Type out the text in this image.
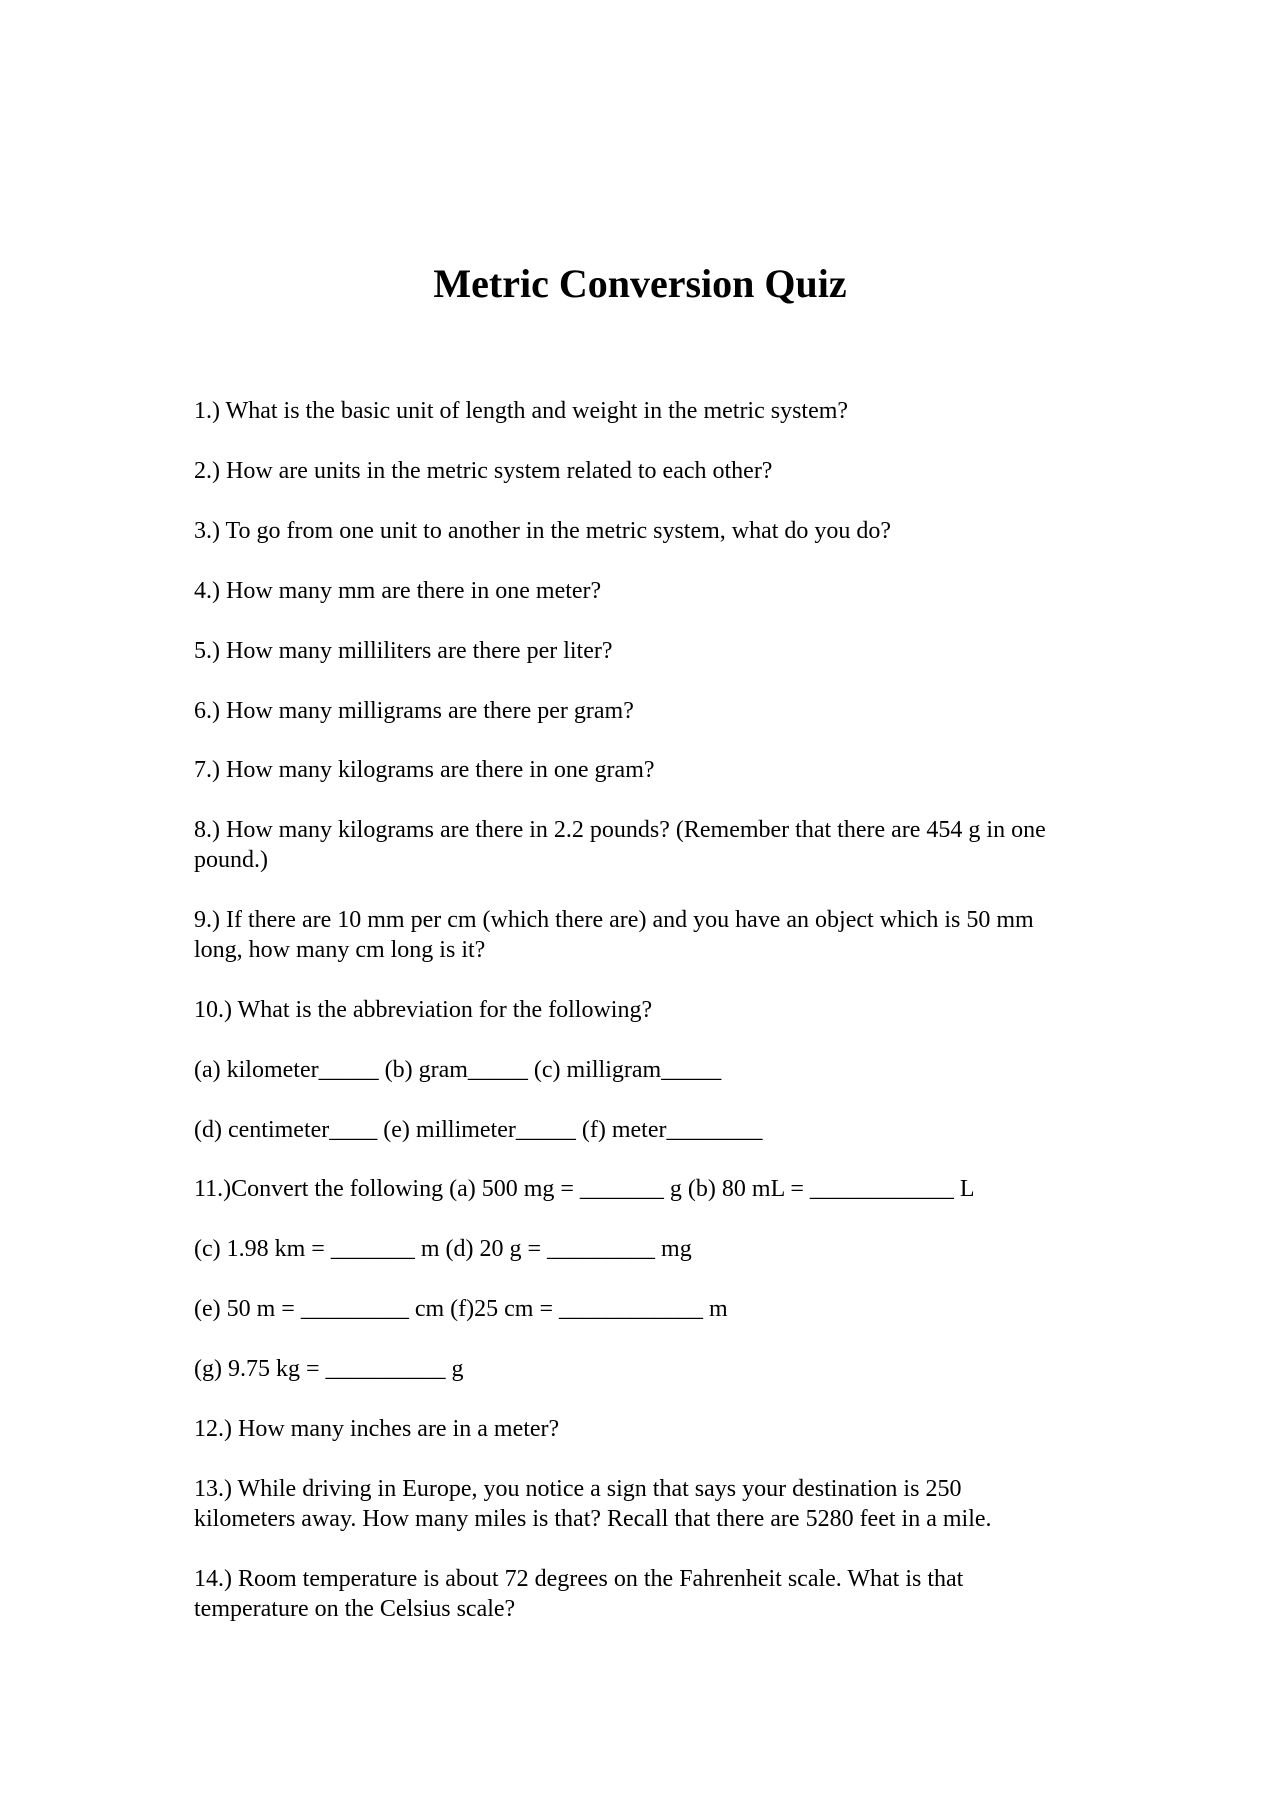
Metric Conversion Quiz
1.) What is the basic unit of length and weight in the metric system?
2.) How are units in the metric system related to each other?
3.) To go from one unit to another in the metric system, what do you do?
4.) How many mm are there in one meter?
5.) How many milliliters are there per liter?
6.) How many milligrams are there per gram?
7.) How many kilograms are there in one gram?
8.) How many kilograms are there in 2.2 pounds? (Remember that there are 454 g in one
pound.)
9.) If there are 10 mm per cm (which there are) and you have an object which is 50 mm
long, how many cm long is it?
10.) What is the abbreviation for the following?
(a) kilometer_____ (b) gram_____ (c) milligram_____
(d) centimeter____ (e) millimeter_____ (f) meter________
11.)Convert the following (a) 500 mg = _______ g (b) 80 mL = ____________ L
(c) 1.98 km = _______ m (d) 20 g = _________ mg
(e) 50 m = _________ cm (f)25 cm = ____________ m
(g) 9.75 kg = __________ g
12.) How many inches are in a meter?
13.) While driving in Europe, you notice a sign that says your destination is 250
kilometers away. How many miles is that? Recall that there are 5280 feet in a mile.
14.) Room temperature is about 72 degrees on the Fahrenheit scale. What is that
temperature on the Celsius scale?
